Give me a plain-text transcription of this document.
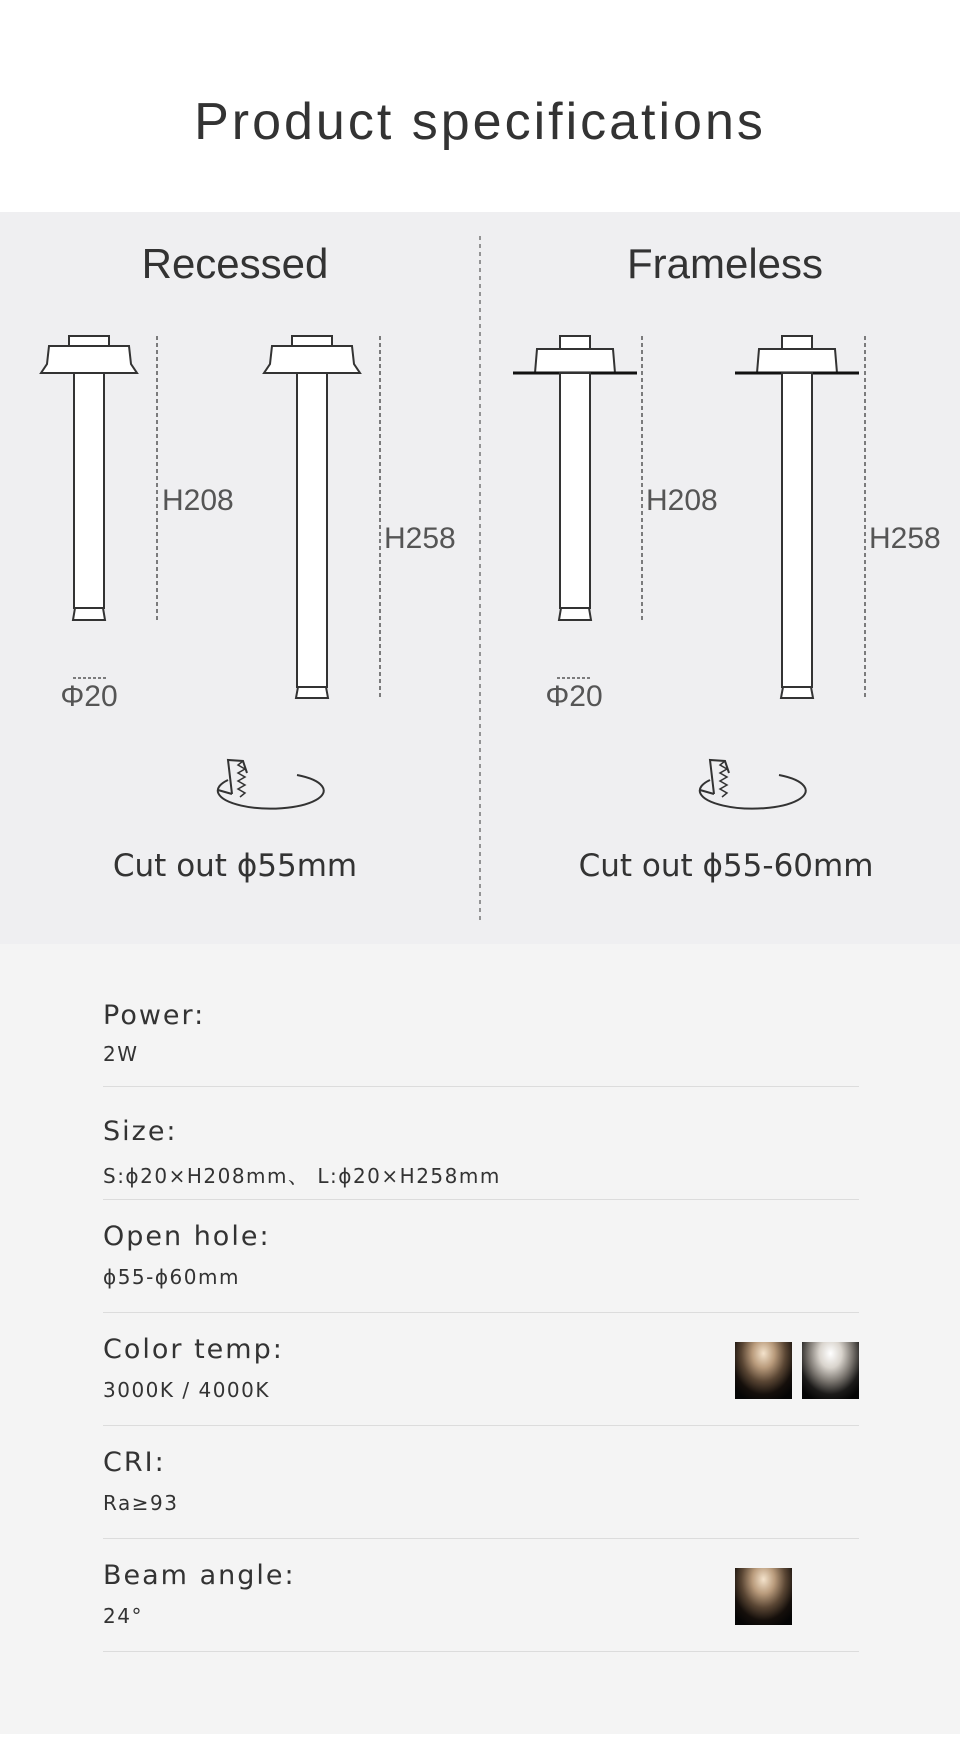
Product specifications
Recessed	Frameless
H208
Φ20
H258
H208
Φ20
H258
Cut out ϕ55mm	Cut out ϕ55-60mm
Power:
2W
Size:
S:ϕ20×H208mm、 L:ϕ20×H258mm
Open hole:
ϕ55-ϕ60mm
Color temp:
3000K / 4000K
CRI:
Ra≥93
Beam angle:
24°
